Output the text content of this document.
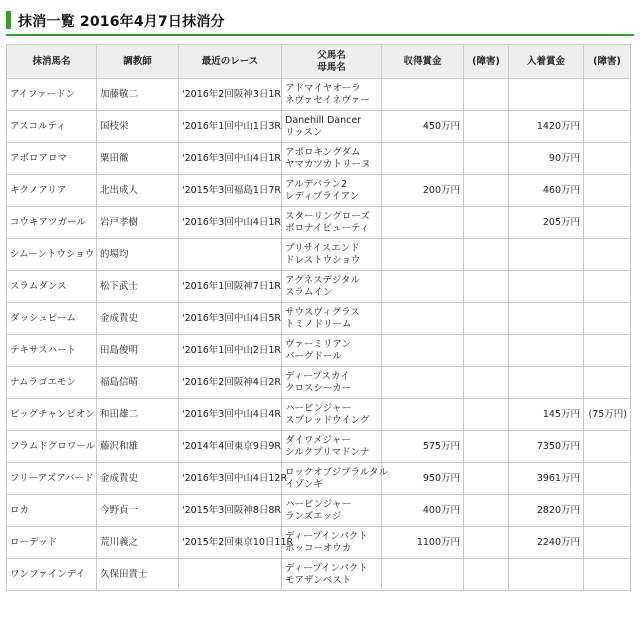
抹消一覧 2016年4月7日抹消分
抹消馬名	調教師	最近のレース	父馬名
母馬名	収得賞金	(障害)	入着賞金	(障害)
アイファードン	加藤敬二	'2016年2回阪神3日1R	アドマイヤオーラ
ネヴァセイネヴァー				

アスコルティ	国枝栄	'2016年1回中山1日3R	Danehill Dancer
リッスン	450万円		1420万円	
アポロアロマ	粟田徹	'2016年3回中山4日1R	アポロキングダム
ヤマカツカトリーヌ			90万円	
キクノアリア	北出成人	'2015年3回福島1日7R	アルデバラン2
レディブライアン	200万円		460万円	
コウキアツガール	岩戸孝樹	'2016年3回中山4日1R	スターリングローズ
ボロナイビューティ			205万円	
シムーントウショウ	的場均		ブリサイスエンド
ドレストウショウ				

スラムダンス	松下武士	'2016年1回阪神7日1R	アグネスデジタル
スラムイン				

ダッシュビーム	金成貴史	'2016年3回中山4日5R	サウスヴィグラス
トミノドリーム				

テキサスハート	田島俊明	'2016年1回中山2日1R	ヴァーミリアン
バーグドール				

ナムラゴエモン	福島信晴	'2016年2回阪神4日2R	ディープスカイ
クロスシーカー				

ビッグチャンピオン	和田雄二	'2016年3回中山4日4R	ハービンジャー
スプレッドウイング			145万円	(75万円)
フラムドグロワール	藤沢和雄	'2014年4回東京9日9R	ダイワメジャー
シルクプリマドンナ	575万円		7350万円	
フリーアズアバード	金成貴史	'2016年3回中山4日12R	ロックオブジブラルタル
イゾンギ	950万円		3961万円	
ロカ	今野貞一	'2015年3回阪神8日8R	ハービンジャー
ランズエッジ	400万円		2820万円	
ローデッド	荒川義之	'2015年2回東京10日11R	ディープインパクト
ホッコーオウカ	1100万円		2240万円	
ワンファインデイ	久保田貴士		ディープインパクト
モアザンベスト				
